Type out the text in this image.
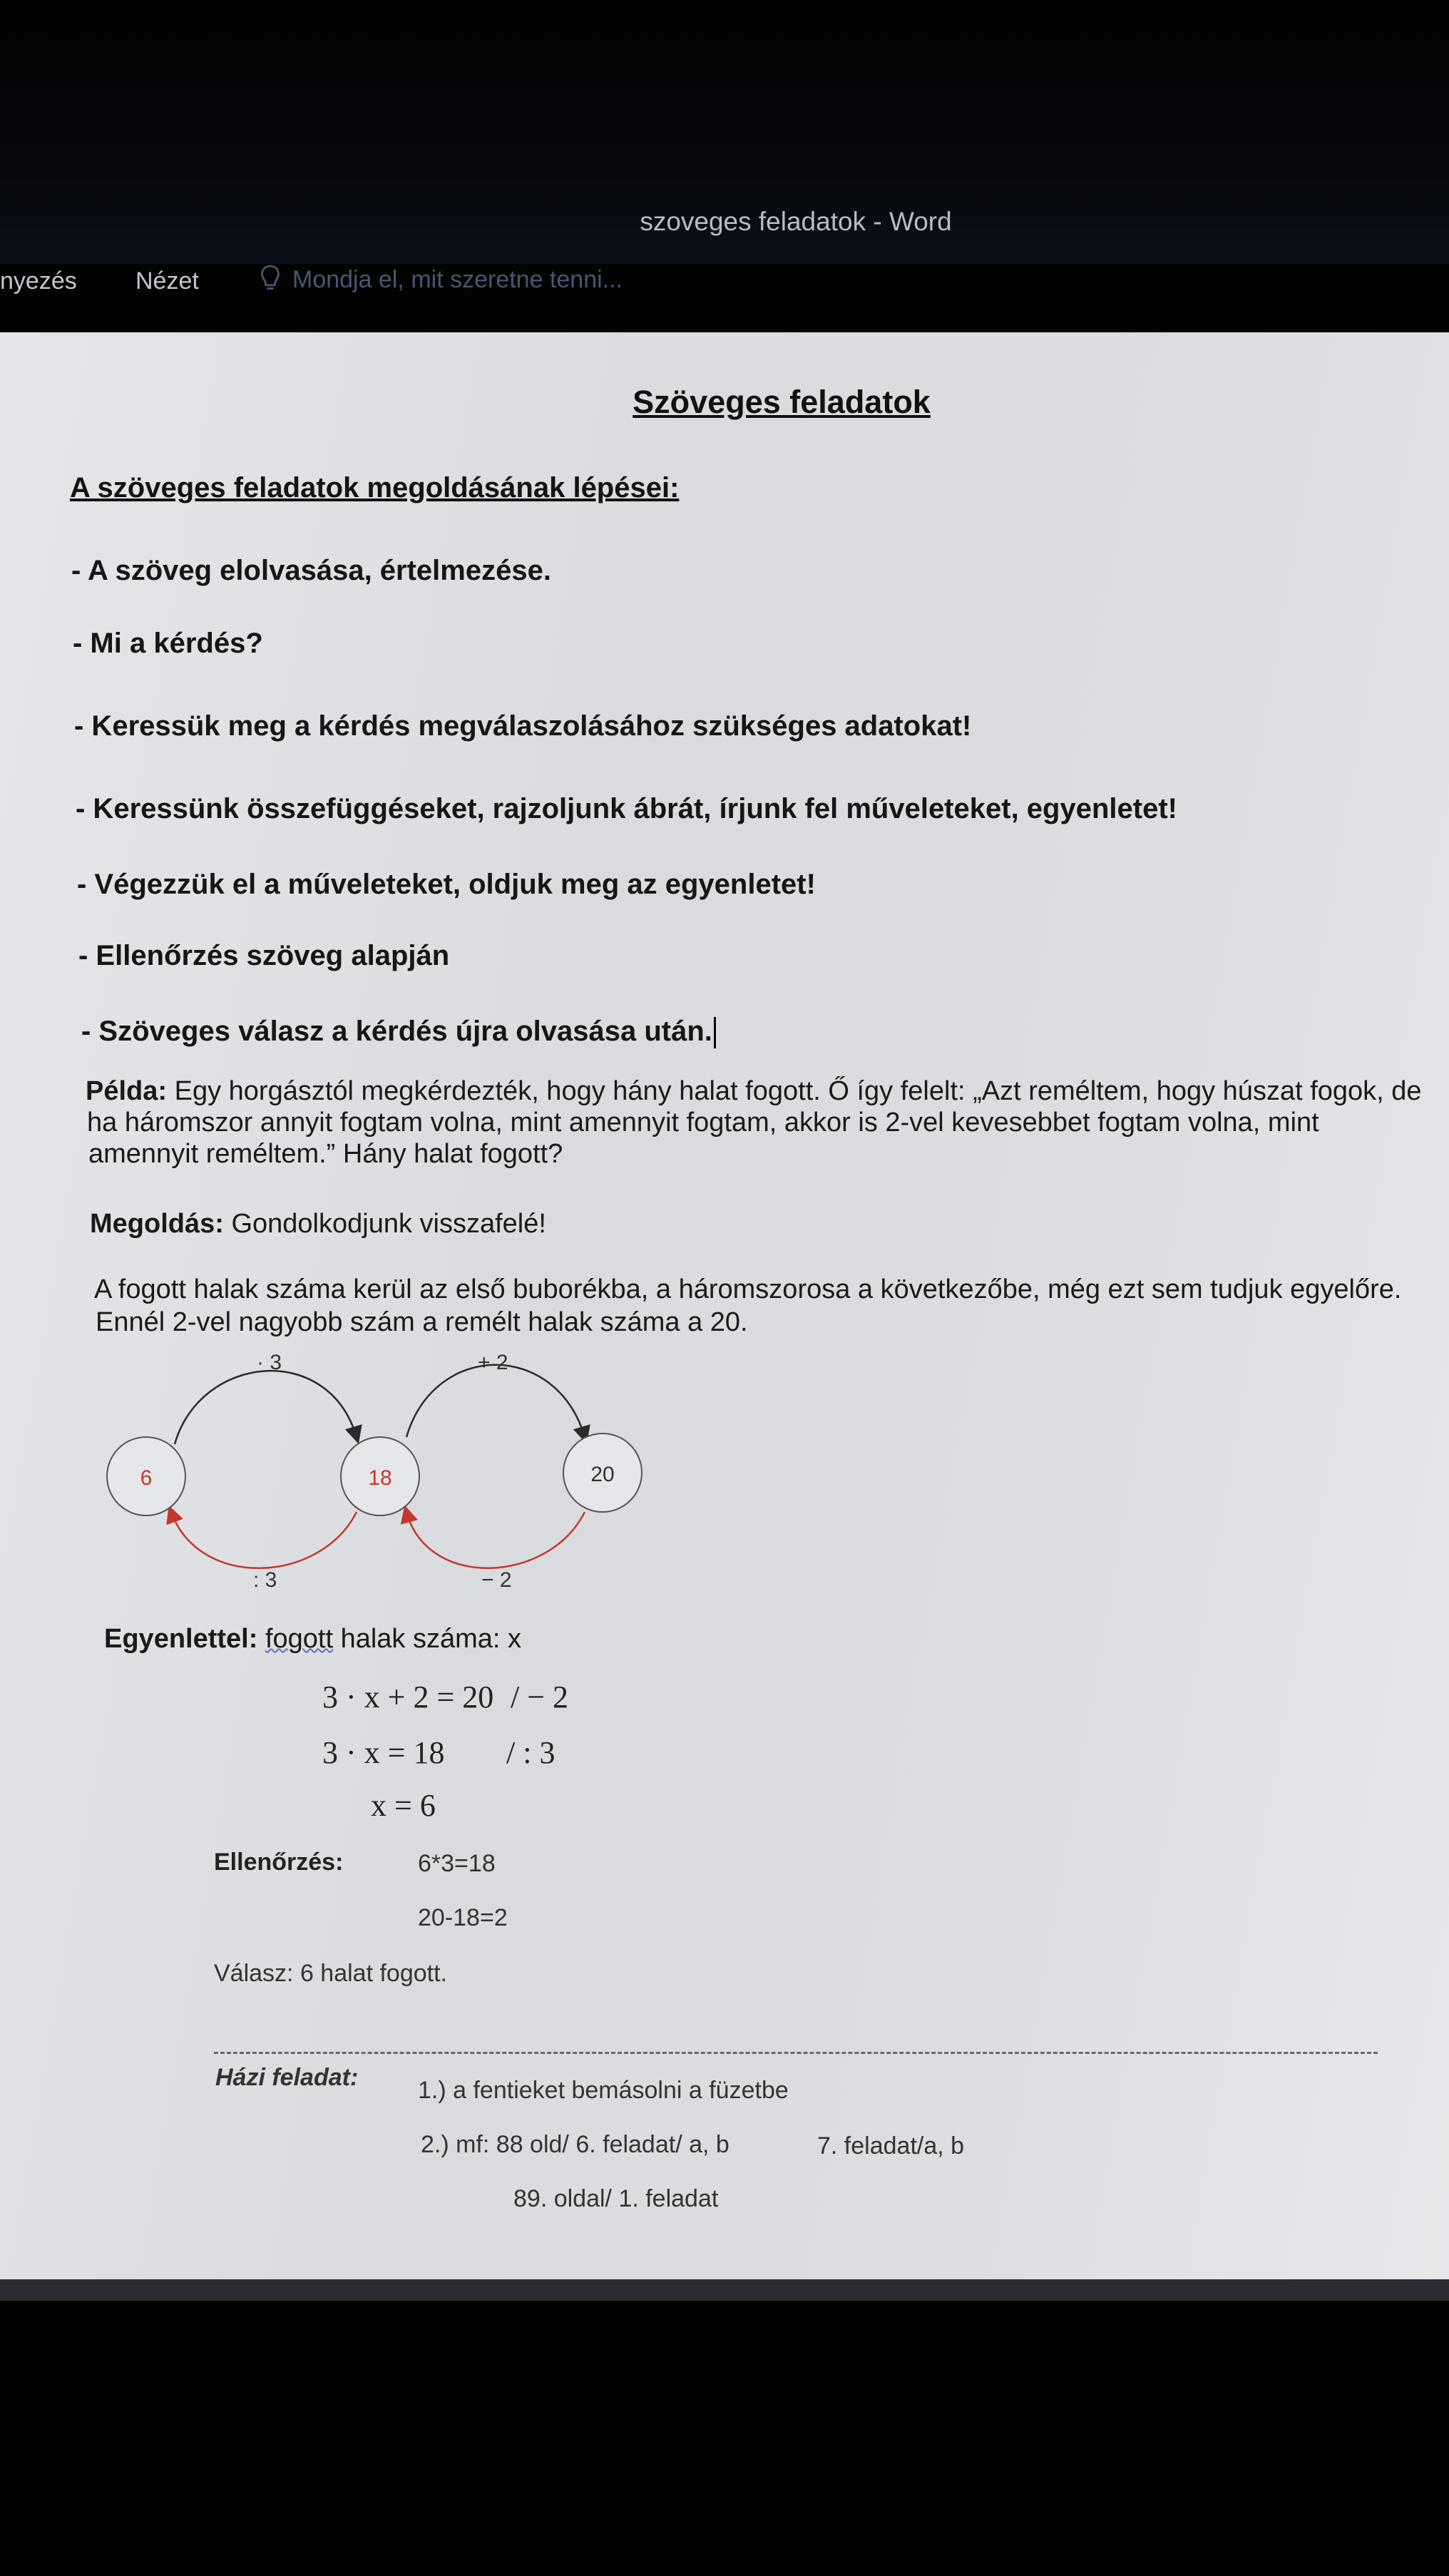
szoveges feladatok - Word
nyezés Nézet	Mondja el, mit szeretne tenni...
Szöveges feladatok
A szöveges feladatok megoldásának lépései:
- A szöveg elolvasása, értelmezése.
- Mi a kérdés?
- Keressük meg a kérdés megválaszolásához szükséges adatokat!
- Keressünk összefüggéseket, rajzoljunk ábrát, írjunk fel műveleteket, egyenletet!
- Végezzük el a műveleteket, oldjuk meg az egyenletet!
- Ellenőrzés szöveg alapján
- Szöveges válasz a kérdés újra olvasása után.
Példa: Egy horgásztól megkérdezték, hogy hány halat fogott. Ő így felelt: „Azt reméltem, hogy húszat fogok, de
ha háromszor annyit fogtam volna, mint amennyit fogtam, akkor is 2-vel kevesebbet fogtam volna, mint
amennyit reméltem.” Hány halat fogott?
Megoldás: Gondolkodjunk visszafelé!
A fogott halak száma kerül az első buborékba, a háromszorosa a következőbe, még ezt sem tudjuk egyelőre.
Ennél 2-vel nagyobb szám a remélt halak száma a 20.
6	18	20
· 3	+ 2
: 3	− 2
Egyenlettel: fogott halak száma: x
3 · x + 2 = 20 / − 2
3 · x = 18 / : 3
x = 6
Ellenőrzés:	6*3=18
20-18=2
Válasz: 6 halat fogott.
Házi feladat: 1.) a fentieket bemásolni a füzetbe
2.) mf: 88 old/ 6. feladat/ a, b	7. feladat/a, b
89. oldal/ 1. feladat
